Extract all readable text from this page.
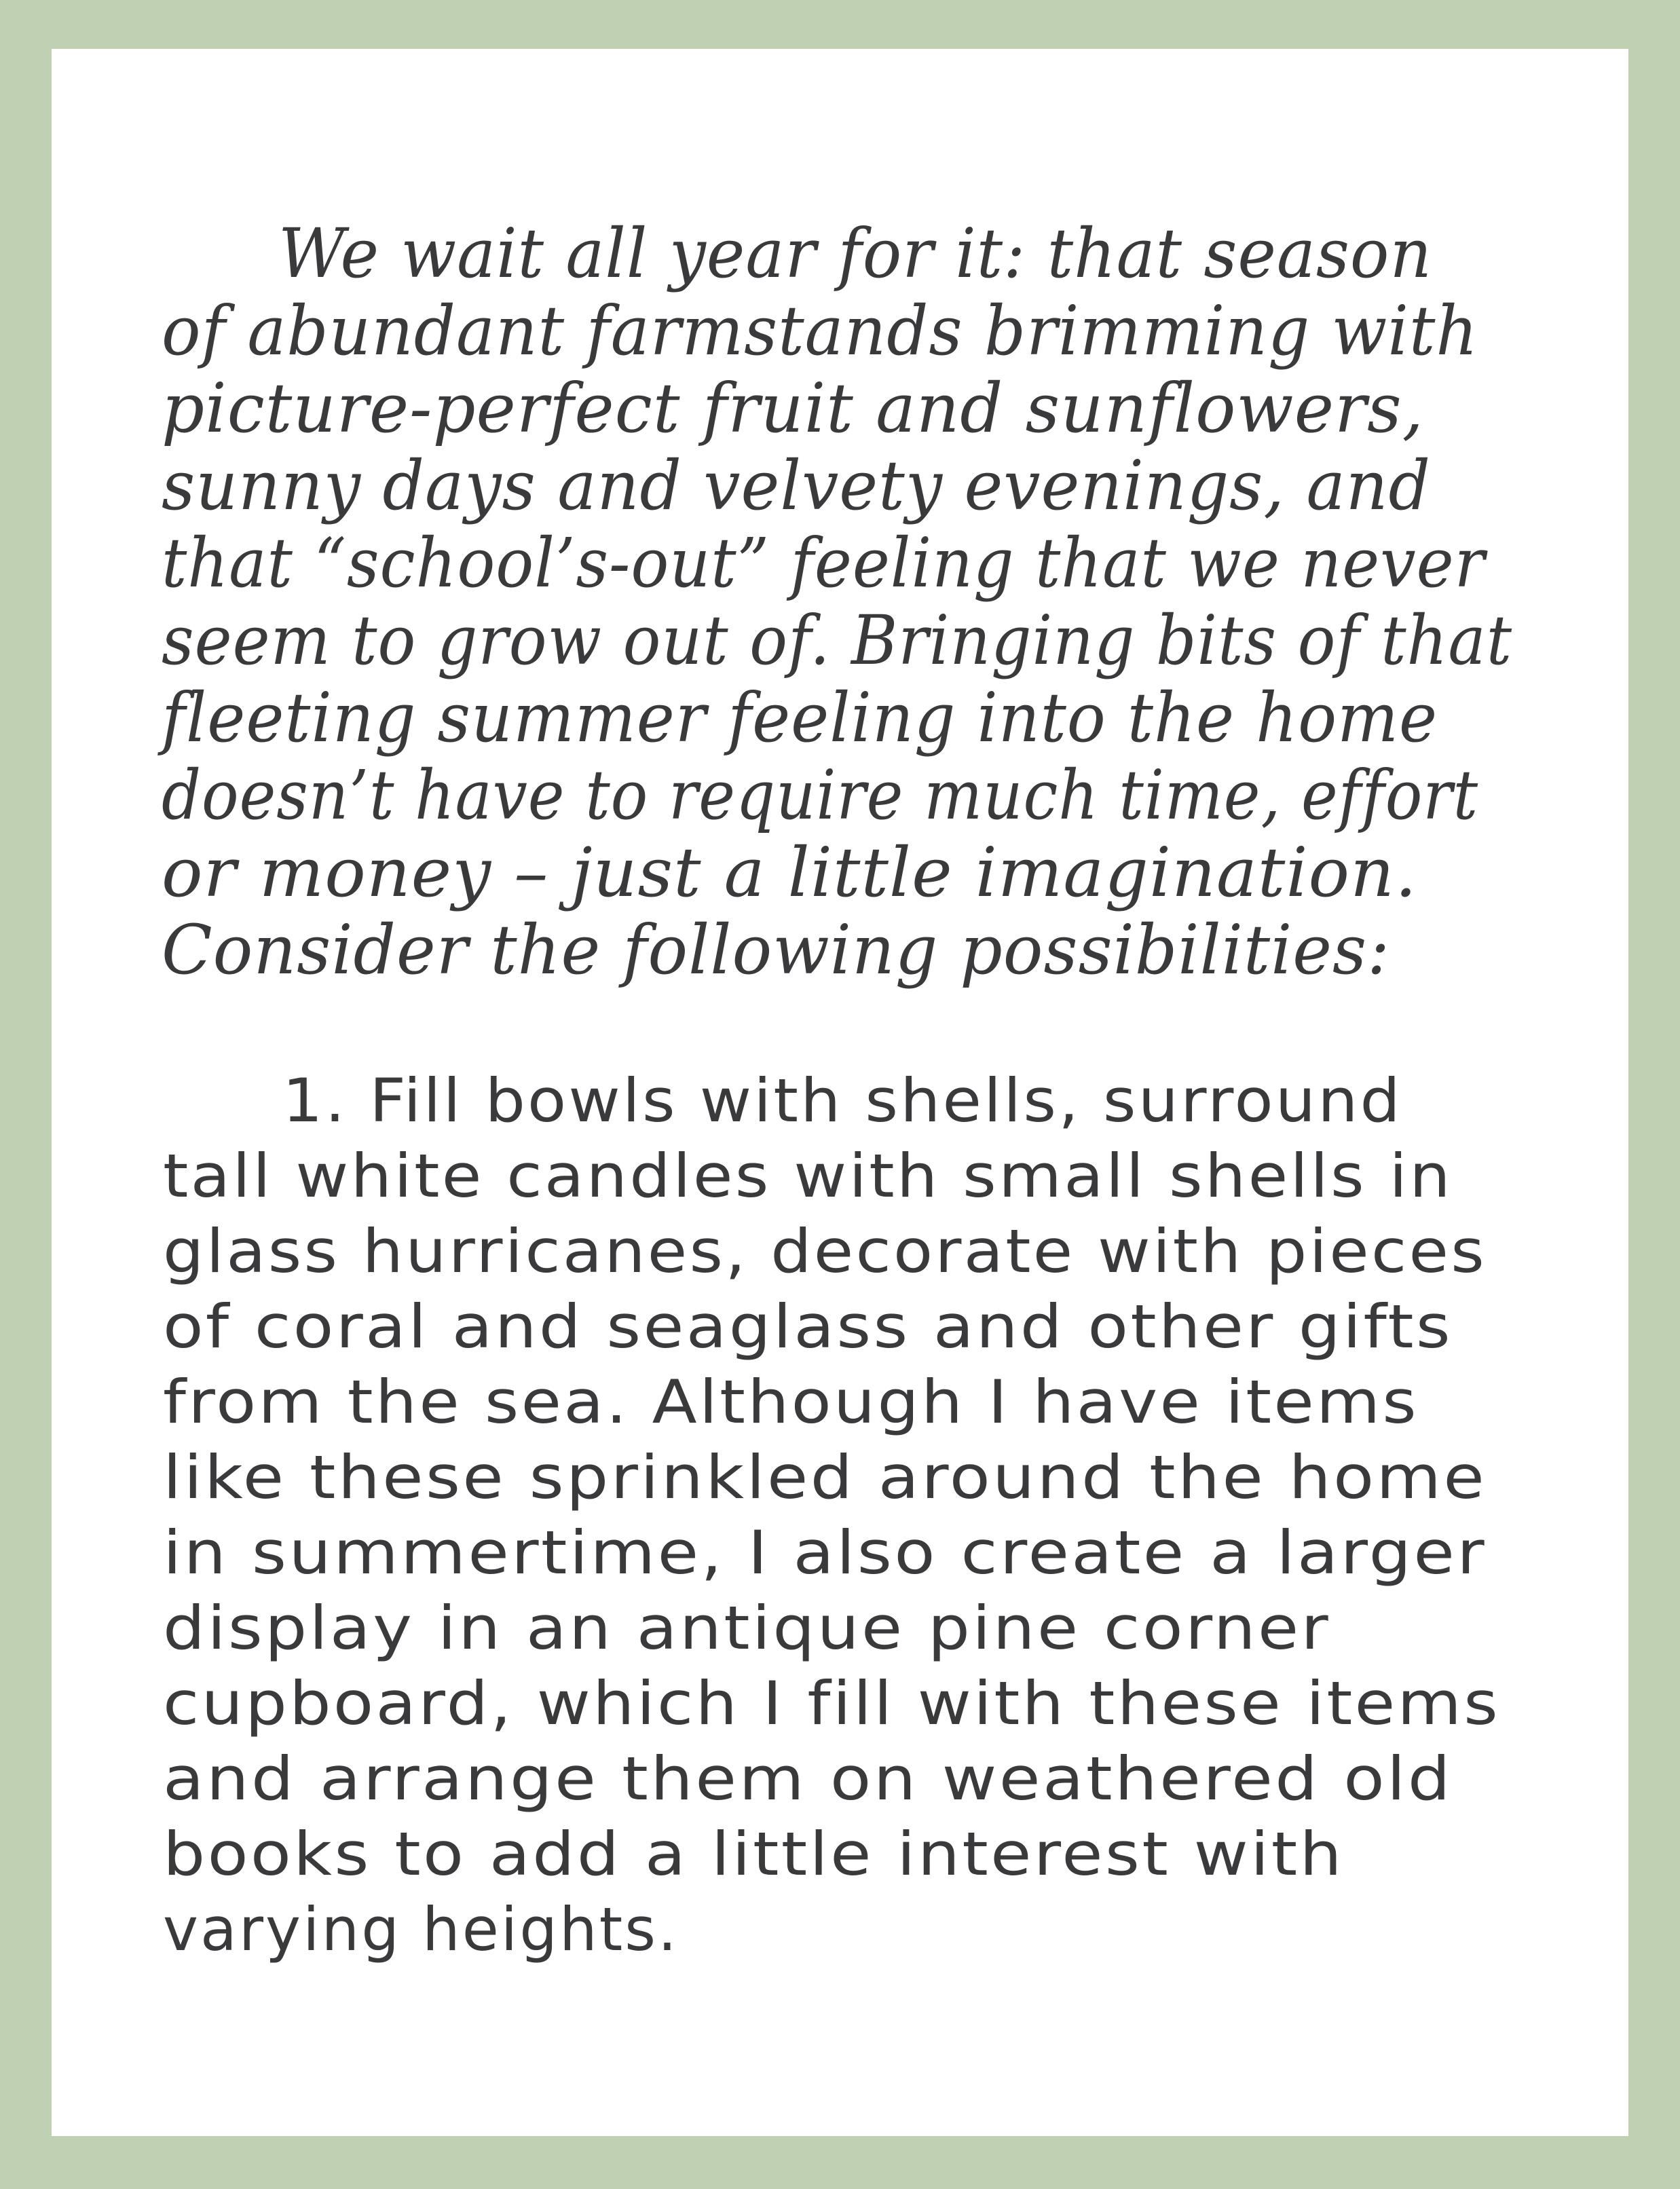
We wait all year for it: that season

of abundant farmstands brimming with

picture-perfect fruit and sunflowers,

sunny days and velvety evenings, and

that “school’s-out” feeling that we never

seem to grow out of. Bringing bits of that

fleeting summer feeling into the home

doesn’t have to require much time, effort

or money – just a little imagination.

Consider the following possibilities:

1. Fill bowls with shells, surround

tall white candles with small shells in

glass hurricanes, decorate with pieces

of coral and seaglass and other gifts

from the sea. Although I have items

like these sprinkled around the home

in summertime, I also create a larger

display in an antique pine corner

cupboard, which I fill with these items

and arrange them on weathered old

books to add a little interest with

varying heights.
